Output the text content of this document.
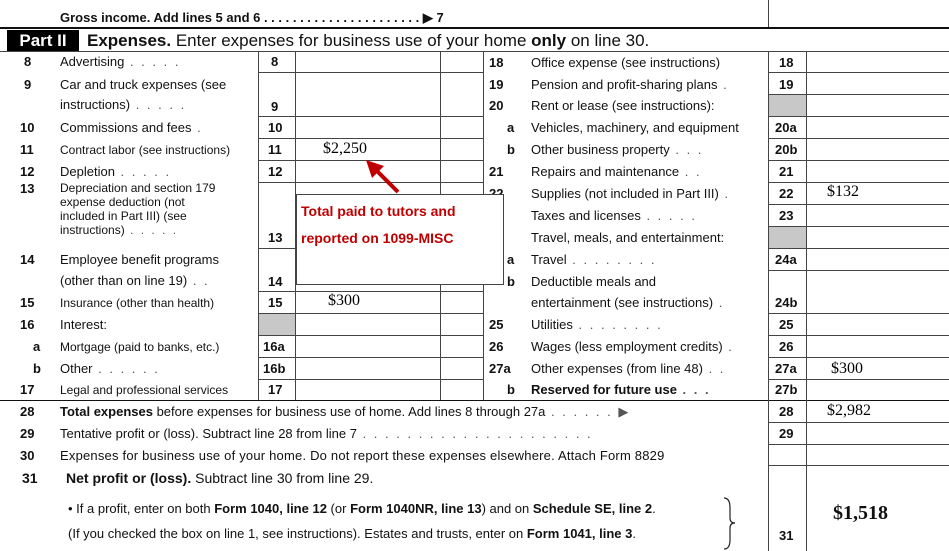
Gross income. Add lines 5 and 6 . . . . . . . . . . . . . . . . . . . . . . ▶ 7
Part II	Expenses. Enter expenses for business use of your home only on line 30.
8 Advertising . . . . .	8
9 Car and truck expenses (see
instructions) . . . . .	9
10 Commissions and fees .	10
11 Contract labor (see instructions)	11	$2,250
12 Depletion . . . . .	12
13 Depreciation and section 179
expense deduction (not
included in Part III) (see
instructions) . . . . .	13
14 Employee benefit programs
(other than on line 19) . .	14
15 Insurance (other than health)	15	$300
16 Interest:
a Mortgage (paid to banks, etc.)	16a
b Other . . . . . .	16b
17 Legal and professional services	17
18 Office expense (see instructions)	18
19 Pension and profit-sharing plans .	19
20 Rent or lease (see instructions):
a Vehicles, machinery, and equipment	20a
b Other business property . . .	20b
21 Repairs and maintenance . .	21
Supplies (not included in Part III) .	22 $132
Taxes and licenses . . . . .	23
Travel, meals, and entertainment:
a Travel . . . . . . . .	24a
b Deductible meals and
entertainment (see instructions) .	24b
25 Utilities . . . . . . . .	25
26 Wages (less employment credits) .	26
27a Other expenses (from line 48) . .	27a $300
b Reserved for future use . . .	27b
28 Total expenses before expenses for business use of home. Add lines 8 through 27a . . . . . . ▶	28 $2,982
29 Tentative profit or (loss). Subtract line 28 from line 7 . . . . . . . . . . . . . . . . . . . . .	29
30 Expenses for business use of your home. Do not report these expenses elsewhere. Attach Form 8829
31 Net profit or (loss). Subtract line 30 from line 29.
• If a profit, enter on both Form 1040, line 12 (or Form 1040NR, line 13) and on Schedule SE, line 2.
(If you checked the box on line 1, see instructions). Estates and trusts, enter on Form 1041, line 3.	31
$1,518
Total paid to tutors and
reported on 1099-MISC
